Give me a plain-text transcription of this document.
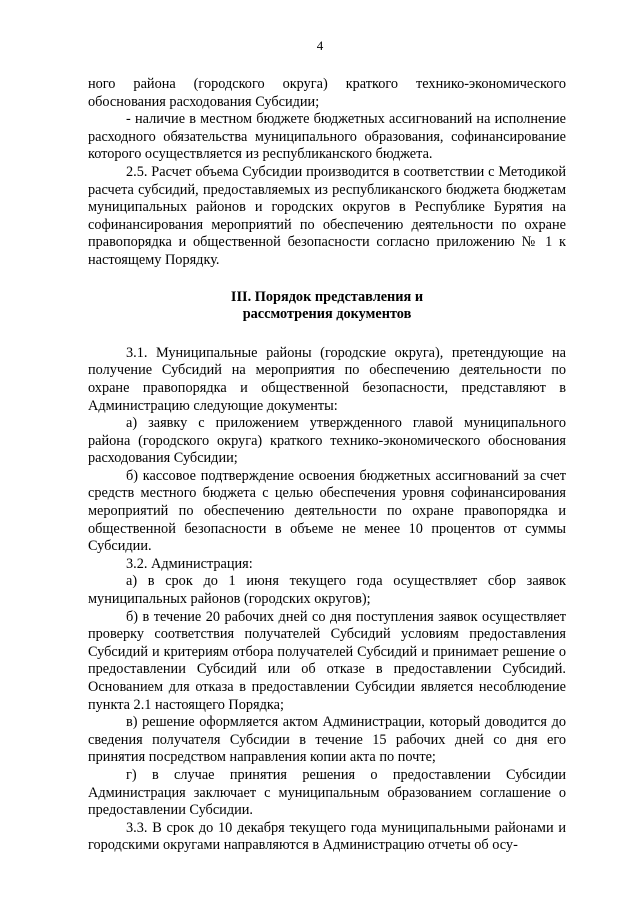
4

ного района (городского округа) краткого технико-экономического обоснования расходования Субсидии;

- наличие в местном бюджете бюджетных ассигнований на исполнение расходного обязательства муниципального образования, софинансирование которого осуществляется из республиканского бюджета.

2.5. Расчет объема Субсидии производится в соответствии с Методикой расчета субсидий, предоставляемых из республиканского бюджета бюджетам муниципальных районов и городских округов в Республике Бурятия на софинансирования мероприятий по обеспечению деятельности по охране правопорядка и общественной безопасности согласно приложению № 1 к настоящему Порядку.

III. Порядок представления и
рассмотрения документов

3.1. Муниципальные районы (городские округа), претендующие на получение Субсидий на мероприятия по обеспечению деятельности по охране правопорядка и общественной безопасности, представляют в Администрацию следующие документы:

а) заявку с приложением утвержденного главой муниципального района (городского округа) краткого технико-экономического обоснования расходования Субсидии;

б) кассовое подтверждение освоения бюджетных ассигнований за счет средств местного бюджета с целью обеспечения уровня софинансирования мероприятий по обеспечению деятельности по охране правопорядка и общественной безопасности в объеме не менее 10 процентов от суммы Субсидии.

3.2. Администрация:

а) в срок до 1 июня текущего года осуществляет сбор заявок муниципальных районов (городских округов);

б) в течение 20 рабочих дней со дня поступления заявок осуществляет проверку соответствия получателей Субсидий условиям предоставления Субсидий и критериям отбора получателей Субсидий и принимает решение о предоставлении Субсидий или об отказе в предоставлении Субсидий. Основанием для отказа в предоставлении Субсидии является несоблюдение пункта 2.1 настоящего Порядка;

в) решение оформляется актом Администрации, который доводится до сведения получателя Субсидии в течение 15 рабочих дней со дня его принятия посредством направления копии акта по почте;

г) в случае принятия решения о предоставлении Субсидии Администрация заключает с муниципальным образованием соглашение о предоставлении Субсидии.

3.3. В срок до 10 декабря текущего года муниципальными районами и городскими округами направляются в Администрацию отчеты об осу-
